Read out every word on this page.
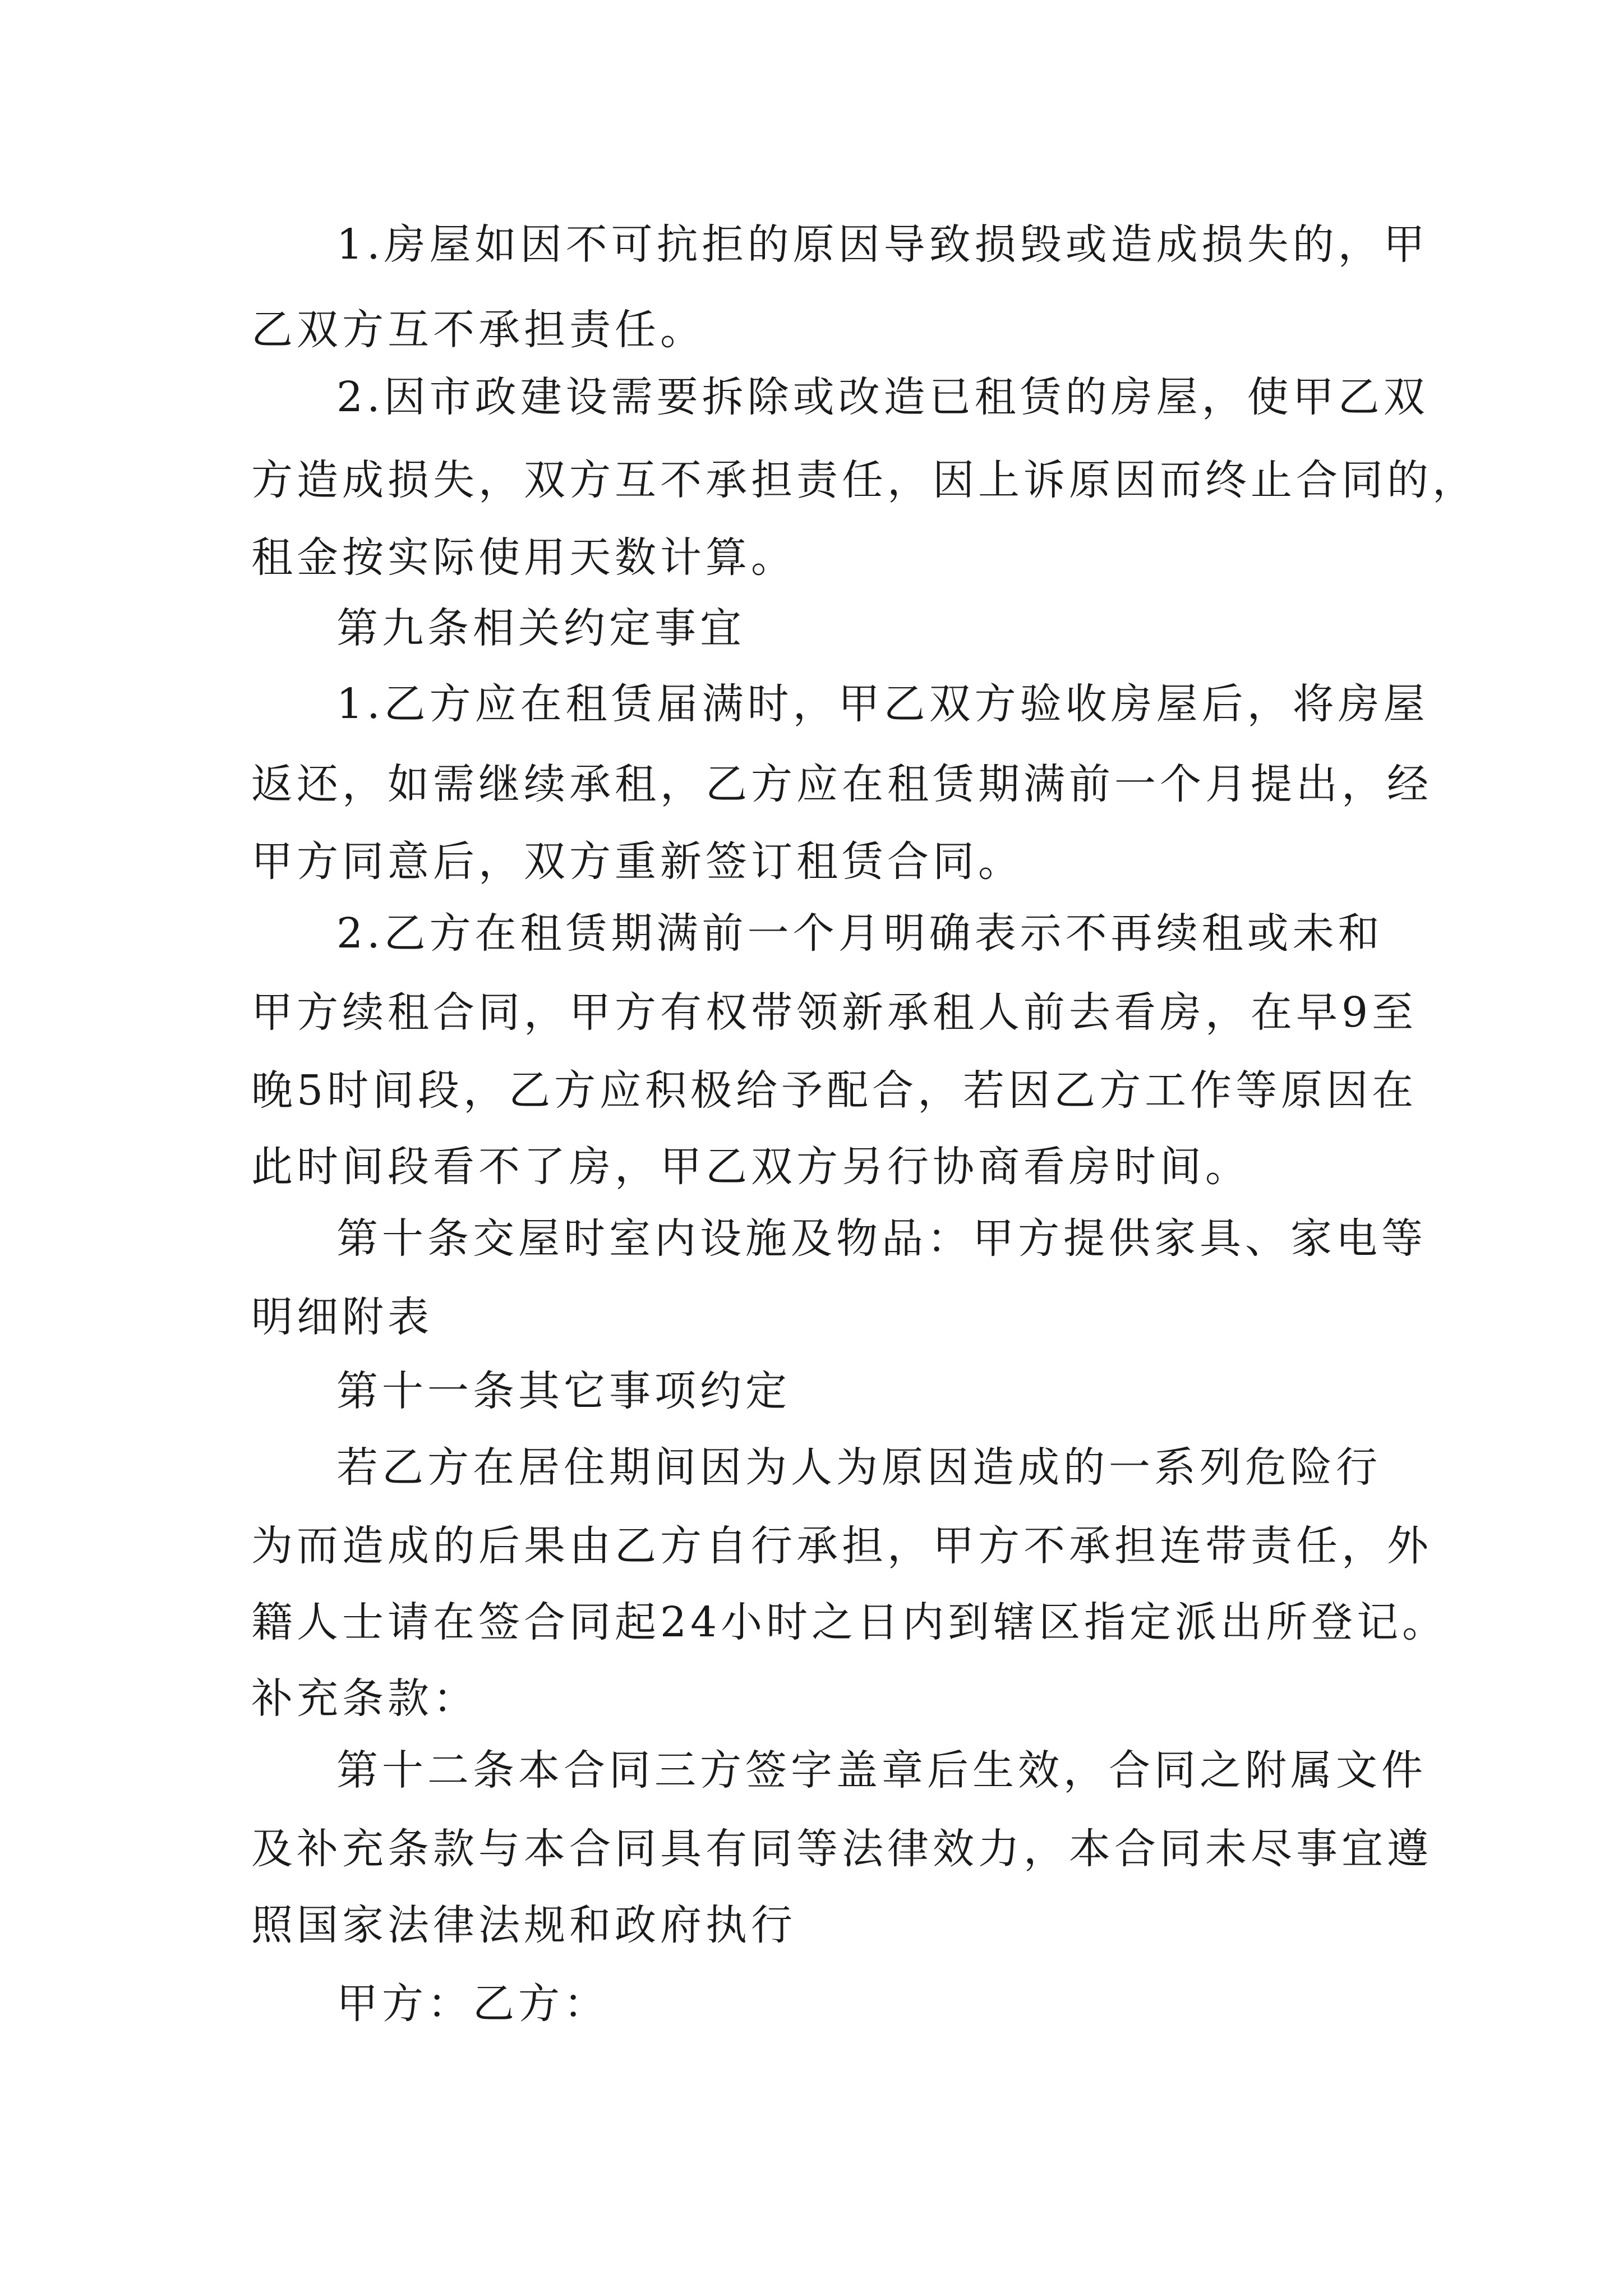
1.房屋如因不可抗拒的原因导致损毁或造成损失的，甲

乙双方互不承担责任。

2.因市政建设需要拆除或改造已租赁的房屋，使甲乙双

方造成损失，双方互不承担责任，因上诉原因而终止合同的，

租金按实际使用天数计算。

第九条相关约定事宜

1.乙方应在租赁届满时，甲乙双方验收房屋后，将房屋

返还，如需继续承租，乙方应在租赁期满前一个月提出，经

甲方同意后，双方重新签订租赁合同。

2.乙方在租赁期满前一个月明确表示不再续租或未和

甲方续租合同，甲方有权带领新承租人前去看房，在早9至

晚5时间段，乙方应积极给予配合，若因乙方工作等原因在

此时间段看不了房，甲乙双方另行协商看房时间。

第十条交屋时室内设施及物品：甲方提供家具、家电等

明细附表

第十一条其它事项约定

若乙方在居住期间因为人为原因造成的一系列危险行

为而造成的后果由乙方自行承担，甲方不承担连带责任，外

籍人士请在签合同起24小时之日内到辖区指定派出所登记。

补充条款：

第十二条本合同三方签字盖章后生效，合同之附属文件

及补充条款与本合同具有同等法律效力，本合同未尽事宜遵

照国家法律法规和政府执行

甲方：乙方：
